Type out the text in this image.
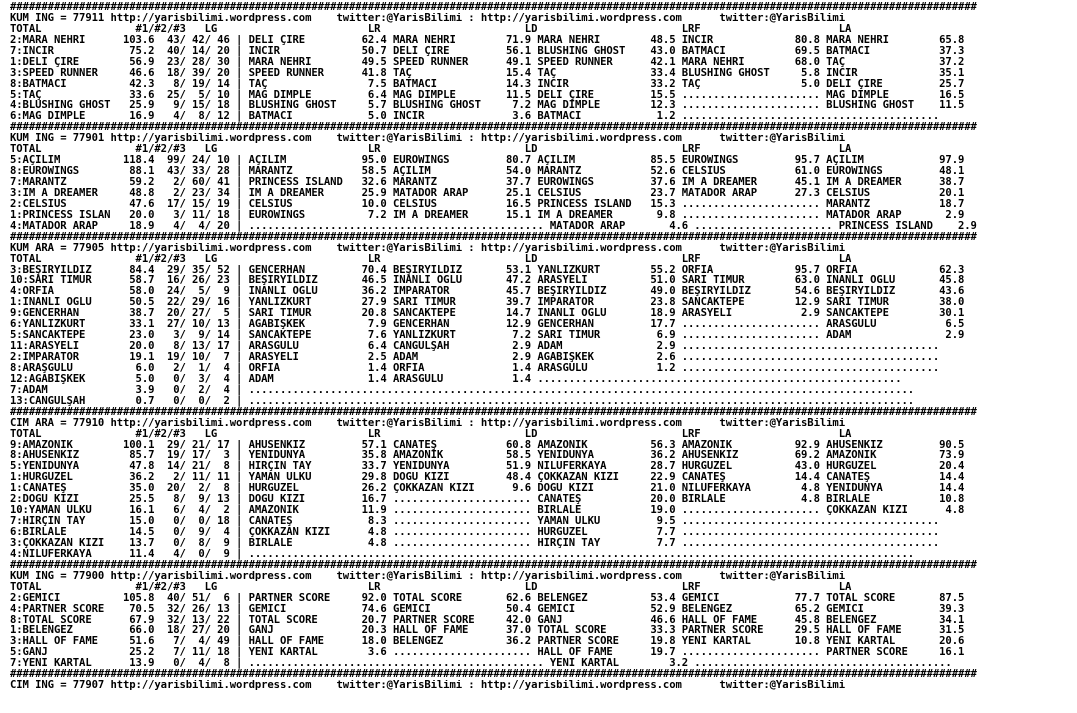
##########################################################################################################################################################
KUM ING = 77911 http://yarisbilimi.wordpress.com    twitter:@YarisBilimi : http://yarisbilimi.wordpress.com      twitter:@YarisBilimi
TOTAL               #1/#2/#3   LG                        LR                       LD                       LRF                      LA
2:MARA NEHRİ      103.6  43/ 42/ 46 | DELİ ÇİRE         62.4 MARA NEHRİ        71.9 MARA NEHRİ        48.5 İNCİR             80.8 MARA NEHRİ        65.8
7:İNCİR            75.2  40/ 14/ 20 | İNCİR             50.7 DELİ ÇİRE         56.1 BLUSHING GHOST    43.0 BATMACI           69.5 BATMACI           37.3
1:DELİ ÇİRE        56.9  23/ 28/ 30 | MARA NEHRİ        49.5 SPEED RUNNER      49.1 SPEED RUNNER      42.1 MARA NEHRİ        68.0 TAÇ               37.2
3:SPEED RUNNER     46.6  18/ 39/ 20 | SPEED RUNNER      41.8 TAÇ               15.4 TAÇ               33.4 BLUSHING GHOST     5.8 İNCİR             35.1
8:BATMACI          42.3   8/ 19/ 14 | TAÇ                7.5 BATMACI           14.3 İNCİR             33.2 TAÇ                5.0 DELİ ÇİRE         25.7
5:TAÇ              33.6  25/  5/ 10 | MAG DIMPLE         6.4 MAG DIMPLE        11.5 DELİ ÇİRE         15.5 ...................... MAG DIMPLE        16.5
4:BLUSHING GHOST   25.9   9/ 15/ 18 | BLUSHING GHOST     5.7 BLUSHING GHOST     7.2 MAG DIMPLE        12.3 ...................... BLUSHING GHOST    11.5
6:MAG DIMPLE       16.9   4/  8/ 12 | BATMACI            5.0 İNCİR              3.6 BATMACI            1.2 .........................................
##########################################################################################################################################################
KUM ING = 77901 http://yarisbilimi.wordpress.com    twitter:@YarisBilimi : http://yarisbilimi.wordpress.com      twitter:@YarisBilimi
TOTAL               #1/#2/#3   LG                        LR                       LD                       LRF                      LA
5:AÇILIM          118.4  99/ 24/ 10 | AÇILIM            95.0 EUROWINGS         80.7 AÇILIM            85.5 EUROWINGS         95.7 AÇILIM            97.9
8:EUROWINGS        88.1  43/ 33/ 28 | MARANTZ           58.5 AÇILIM            54.0 MARANTZ           52.6 CELSIUS           61.0 EUROWINGS         48.1
7:MARANTZ          59.2   2/ 60/ 41 | PRINCESS ISLAND   32.6 MARANTZ           37.7 EUROWINGS         37.6 IM A DREAMER      45.1 IM A DREAMER      38.7
3:IM A DREAMER     48.8   2/ 23/ 34 | IM A DREAMER      25.9 MATADOR ARAP      25.1 CELSIUS           23.7 MATADOR ARAP      27.3 CELSIUS           20.1
2:CELSIUS          47.6  17/ 15/ 19 | CELSIUS           10.0 CELSIUS           16.5 PRINCESS ISLAND   15.3 ...................... MARANTZ           18.7
1:PRINCESS ISLAN   20.0   3/ 11/ 18 | EUROWINGS          7.2 IM A DREAMER      15.1 IM A DREAMER       9.8 ...................... MATADOR ARAP       2.9
4:MATADOR ARAP     18.9   4/  4/ 20 | ............................................... MATADOR ARAP       4.6 ...................... PRINCESS ISLAND    2.9
##########################################################################################################################################################
KUM ARA = 77905 http://yarisbilimi.wordpress.com    twitter:@YarisBilimi : http://yarisbilimi.wordpress.com      twitter:@YarisBilimi
TOTAL               #1/#2/#3   LG                        LR                       LD                       LRF                      LA
3:BEŞİRYILDIZ      84.4  29/ 35/ 52 | GENCERHAN         70.4 BEŞİRYILDIZ       53.1 YANLIZKURT        55.2 ORFİA             95.7 ORFİA             62.3
10:SARI TİMUR      58.7  16/ 26/ 23 | BEŞİRYILDIZ       46.5 İNANLI OĞLU       47.2 ARASYELİ          51.0 SARI TİMUR        63.0 İNANLI OĞLU       45.8
4:ORFİA            58.0  24/  5/  9 | İNANLI OĞLU       36.2 İMPARATOR         45.7 BEŞİRYILDIZ       49.0 BEŞİRYILDIZ       54.6 BEŞİRYILDIZ       43.6
1:İNANLI OĞLU      50.5  22/ 29/ 16 | YANLIZKURT        27.9 SARI TİMUR        39.7 İMPARATOR         23.8 SANCAKTEPE        12.9 SARI TİMUR        38.0
9:GENCERHAN        38.7  20/ 27/  5 | SARI TİMUR        20.8 SANCAKTEPE        14.7 İNANLI OĞLU       18.9 ARASYELİ           2.9 SANCAKTEPE        30.1
6:YANLIZKURT       33.1  27/ 10/ 13 | AĞABİŞKEK          7.9 GENCERHAN         12.9 GENCERHAN         17.7 ...................... ARASGÜLÜ           6.5
5:SANCAKTEPE       23.0   3/  9/ 14 | SANCAKTEPE         7.6 YANLIZKURT         7.2 SARI TİMUR         6.9 ...................... ADAM               2.9
11:ARASYELİ        20.0   8/ 13/ 17 | ARASGÜLÜ           6.4 CANGÜLŞAH          2.9 ADAM               2.9 .........................................
2:İMPARATOR        19.1  19/ 10/  7 | ARASYELİ           2.5 ADAM               2.9 AĞABİŞKEK          2.6 .........................................
8:ARAŞGÜLÜ          6.0   2/  1/  4 | ORFİA              1.4 ORFİA              1.4 ARASGÜLÜ           1.2 .........................................
12:AĞABİŞKEK        5.0   0/  3/  4 | ADAM               1.4 ARASGÜLÜ           1.4 ..........................................................
7:ADAM              3.9   0/  2/  4 | ..........................................................................................................
13:CANGÜLŞAH        0.7   0/  0/  2 | ..........................................................................................................
##########################################################################################################################################################
CIM ARA = 77910 http://yarisbilimi.wordpress.com    twitter:@YarisBilimi : http://yarisbilimi.wordpress.com      twitter:@YarisBilimi
TOTAL               #1/#2/#3   LG                        LR                       LD                       LRF                      LA
9:AMAZONİK        100.1  29/ 21/ 17 | AHUSENKIZ         57.1 CANATEŞ           60.8 AMAZONİK          56.3 AMAZONİK          92.9 AHUSENKIZ         90.5
8:AHUSENKIZ        85.7  19/ 17/  3 | YENİDÜNYA         35.8 AMAZONİK          58.5 YENİDÜNYA         36.2 AHUSENKIZ         69.2 AMAZONİK          73.9
5:YENİDÜNYA        47.8  14/ 21/  8 | HIRÇIN TAY        33.7 YENİDÜNYA         51.9 NİLÜFERKAYA       28.7 HÜRGÜZEL          43.0 HÜRGÜZEL          20.4
1:HÜRGÜZEL         36.2   2/ 11/ 11 | YAMAN ÜLKÜ        29.8 DOĞU KIZI         48.4 ÇOKKAZAN KIZI     22.9 CANATEŞ           14.4 CANATEŞ           14.4
1:CANATEŞ          35.0  20/  2/  8 | HÜRGÜZEL          26.2 ÇOKKAZAN KIZI      9.6 DOĞU KIZI         21.0 NİLÜFERKAYA        4.8 YENİDÜNYA         14.4
2:DOĞU KIZI        25.5   8/  9/ 13 | DOĞU KIZI         16.7 ...................... CANATEŞ           20.0 BİRLALE            4.8 BİRLALE           10.8
10:YAMAN ÜLKÜ      16.1   6/  4/  2 | AMAZONİK          11.9 ...................... BİRLALE           19.0 ...................... ÇOKKAZAN KIZI      4.8
7:HIRÇIN TAY       15.0   0/  0/ 18 | CANATEŞ            8.3 ...................... YAMAN ÜLKÜ         9.5 .........................................
6:BİRLALE          14.5   0/  9/  4 | ÇOKKAZAN KIZI      4.8 ...................... HÜRGÜZEL           7.7 .........................................
3:ÇOKKAZAN KIZI    13.7   0/  8/  9 | BİRLALE            4.8 ...................... HIRÇIN TAY         7.7 .........................................
4:NİLÜFERKAYA      11.4   4/  0/  9 | ..........................................................................................................
##########################################################################################################################################################
KUM ING = 77900 http://yarisbilimi.wordpress.com    twitter:@YarisBilimi : http://yarisbilimi.wordpress.com      twitter:@YarisBilimi
TOTAL               #1/#2/#3   LG                        LR                       LD                       LRF                      LA
2:GEMİCİ          105.8  40/ 51/  6 | PARTNER SCORE     92.0 TOTAL SCORE       62.6 BELENGEZ          53.4 GEMİCİ            77.7 TOTAL SCORE       87.5
4:PARTNER SCORE    70.5  32/ 26/ 13 | GEMİCİ            74.6 GEMİCİ            50.4 GEMİCİ            52.9 BELENGEZ          65.2 GEMİCİ            39.3
8:TOTAL SCORE      67.9  32/ 13/ 22 | TOTAL SCORE       20.7 PARTNER SCORE     42.0 GANJ              46.6 HALL OF FAME      45.8 BELENGEZ          34.1
1:BELENGEZ         66.0  18/ 27/ 20 | GANJ              20.3 HALL OF FAME      37.0 TOTAL SCORE       33.3 PARTNER SCORE     29.5 HALL OF FAME      31.5
3:HALL OF FAME     51.6   7/  4/ 49 | HALL OF FAME      18.0 BELENGEZ          36.2 PARTNER SCORE     19.8 YENİ KARTAL       10.8 YENİ KARTAL       20.6
5:GANJ             25.2   7/ 11/ 18 | YENİ KARTAL        3.6 ...................... HALL OF FAME      19.7 ...................... PARTNER SCORE     16.1
7:YENİ KARTAL      13.9   0/  4/  8 | ............................................... YENİ KARTAL        3.2 .........................................
##########################################################################################################################################################
CIM ING = 77907 http://yarisbilimi.wordpress.com    twitter:@YarisBilimi : http://yarisbilimi.wordpress.com      twitter:@YarisBilimi
